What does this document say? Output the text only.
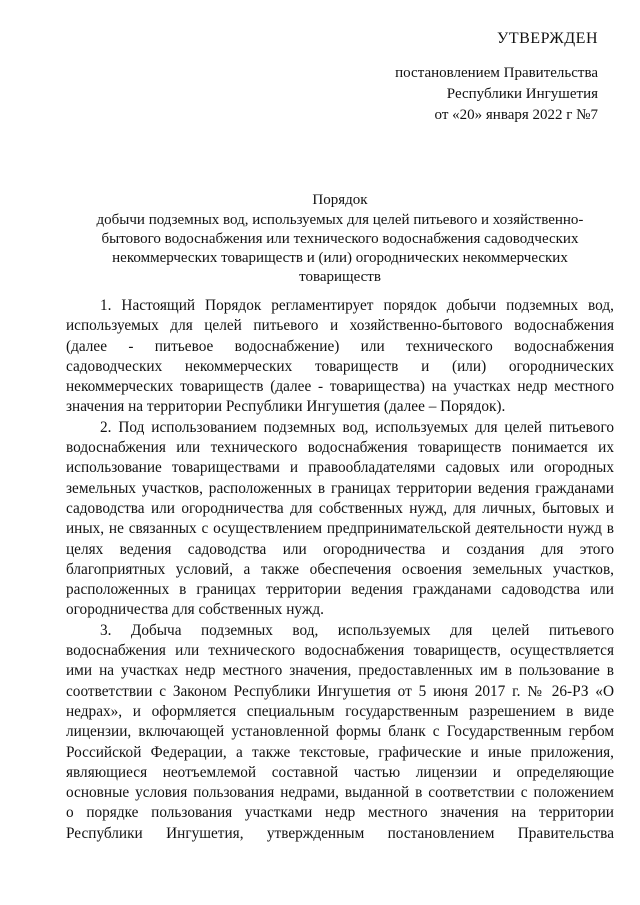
УТВЕРЖДЕН
постановлением Правительства
Республики Ингушетия
от «20» января 2022 г №7
Порядок
добычи подземных вод, используемых для целей питьевого и хозяйственно-
бытового водоснабжения или технического водоснабжения садоводческих
некоммерческих товариществ и (или) огороднических некоммерческих
товариществ
1. Настоящий Порядок регламентирует порядок добычи подземных вод,
используемых для целей питьевого и хозяйственно-бытового водоснабжения
(далее - питьевое водоснабжение) или технического водоснабжения
садоводческих некоммерческих товариществ и (или) огороднических
некоммерческих товариществ (далее - товарищества) на участках недр местного
значения на территории Республики Ингушетия (далее – Порядок).
2. Под использованием подземных вод, используемых для целей питьевого
водоснабжения или технического водоснабжения товариществ понимается их
использование товариществами и правообладателями садовых или огородных
земельных участков, расположенных в границах территории ведения гражданами
садоводства или огородничества для собственных нужд, для личных, бытовых и
иных, не связанных с осуществлением предпринимательской деятельности нужд в
целях ведения садоводства или огородничества и создания для этого
благоприятных условий, а также обеспечения освоения земельных участков,
расположенных в границах территории ведения гражданами садоводства или
огородничества для собственных нужд.
3. Добыча подземных вод, используемых для целей питьевого
водоснабжения или технического водоснабжения товариществ, осуществляется
ими на участках недр местного значения, предоставленных им в пользование в
соответствии с Законом Республики Ингушетия от 5 июня 2017 г. № 26-РЗ «О
недрах», и оформляется специальным государственным разрешением в виде
лицензии, включающей установленной формы бланк с Государственным гербом
Российской Федерации, а также текстовые, графические и иные приложения,
являющиеся неотъемлемой составной частью лицензии и определяющие
основные условия пользования недрами, выданной в соответствии с положением
о порядке пользования участками недр местного значения на территории
Республики Ингушетия, утвержденным постановлением Правительства
